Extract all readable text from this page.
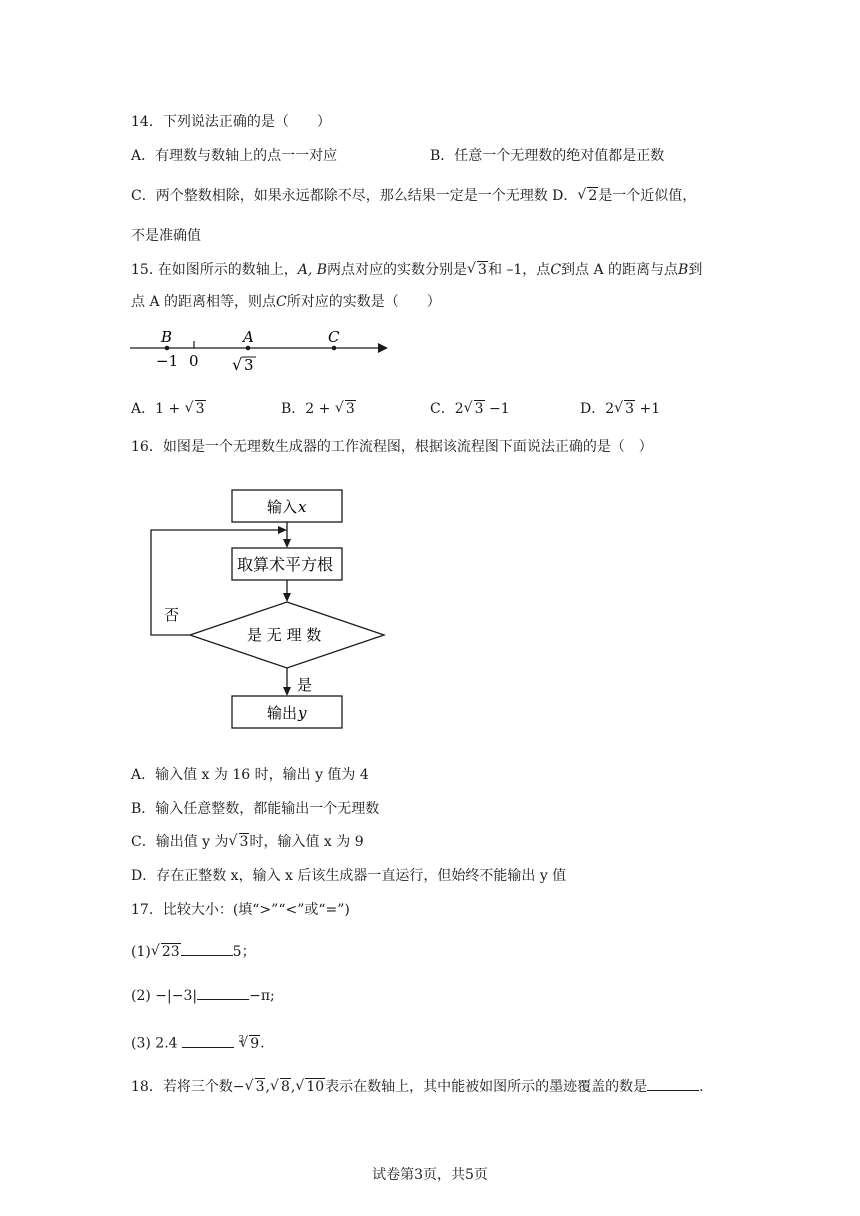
14．下列说法正确的是（　　）
A．有理数与数轴上的点一一对应	B．任意一个无理数的绝对值都是正数
C．两个整数相除，如果永远都除不尽，那么结果一定是一个无理数 D． √ 2是一个近似值，
不是准确值
15. 在如图所示的数轴上，A, B两点对应的实数分别是 √ 3和 –1，点C到点 A 的距离与点B到
点 A 的距离相等，则点C所对应的实数是（　　）
B	A	C
−1 0 √ 3
A．1 + √ 3	B．2 + √ 3	C．2 √ 3 −1	D．2 √ 3 +1
16．如图是一个无理数生成器的工作流程图，根据该流程图下面说法正确的是（　）
输入 x
取算术平方根
是 无 理 数
否
是
输出 y
A．输入值 x 为 16 时，输出 y 值为 4
B．输入任意整数，都能输出一个无理数
C．输出值 y 为 √ 3时，输入值 x 为 9
D．存在正整数 x，输入 x 后该生成器一直运行，但始终不能输出 y 值
17．比较大小：(填“>”“<”或“=”)
(1) √ 23	5；
(2) −|−3|	−π;
(3) 2.4	$^3$ √ 9.
18．若将三个数− √ 3, √ 8, √ 10表示在数轴上，其中能被如图所示的墨迹覆盖的数是	.
试卷第3页，共5页
